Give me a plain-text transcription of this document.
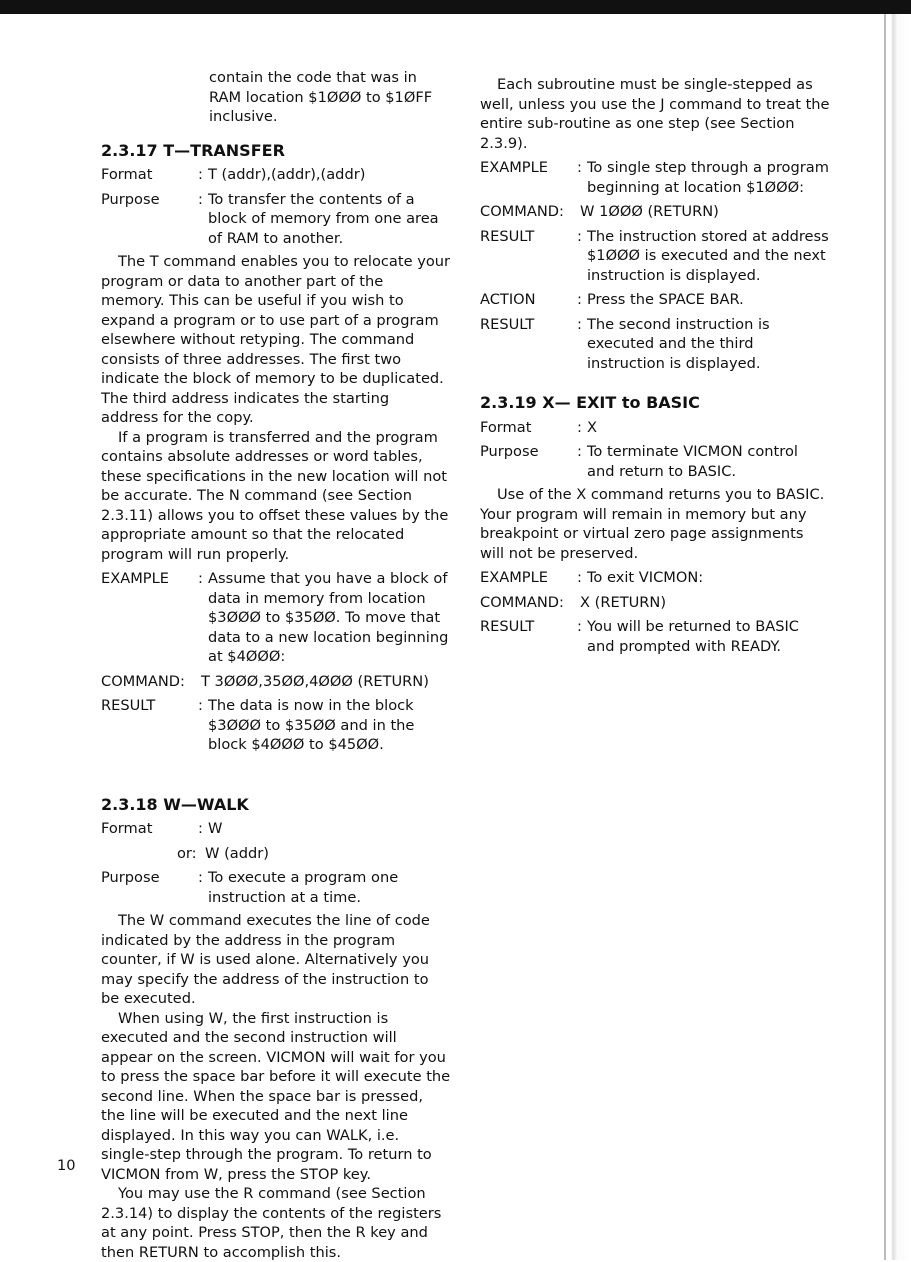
contain the code that was in RAM location $1ØØØ to $1ØFF inclusive.

2.3.17 T—TRANSFER

Format	: T (addr),(addr),(addr)
Purpose	: To transfer the contents of a block of memory from one area of RAM to another.

The T command enables you to relocate your program or data to another part of the memory. This can be useful if you wish to expand a program or to use part of a program elsewhere without retyping. The command consists of three addresses. The first two indicate the block of memory to be duplicated. The third address indicates the starting address for the copy.

If a program is transferred and the program contains absolute addresses or word tables, these specifications in the new location will not be accurate. The N command (see Section 2.3.11) allows you to offset these values by the appropriate amount so that the relocated program will run properly.

EXAMPLE	: Assume that you have a block of data in memory from location $3ØØØ to $35ØØ. To move that data to a new location beginning at $4ØØØ:
COMMAND:	T 3ØØØ,35ØØ,4ØØØ (RETURN)
RESULT	: The data is now in the block $3ØØØ to $35ØØ and in the block $4ØØØ to $45ØØ.

2.3.18 W—WALK

Format	: W
or: W (addr)
Purpose	: To execute a program one instruction at a time.

The W command executes the line of code indicated by the address in the program counter, if W is used alone. Alternatively you may specify the address of the instruction to be executed.

When using W, the first instruction is executed and the second instruction will appear on the screen. VICMON will wait for you to press the space bar before it will execute the second line. When the space bar is pressed, the line will be executed and the next line displayed. In this way you can WALK, i.e. single-step through the program. To return to VICMON from W, press the STOP key.

You may use the R command (see Section 2.3.14) to display the contents of the registers at any point. Press STOP, then the R key and then RETURN to accomplish this.

Each subroutine must be single-stepped as well, unless you use the J command to treat the entire sub-routine as one step (see Section 2.3.9).

EXAMPLE	: To single step through a program beginning at location $1ØØØ:
COMMAND:	W 1ØØØ (RETURN)
RESULT	: The instruction stored at address $1ØØØ is executed and the next instruction is displayed.
ACTION	: Press the SPACE BAR.
RESULT	: The second instruction is executed and the third instruction is displayed.

2.3.19 X— EXIT to BASIC

Format	: X
Purpose	: To terminate VICMON control and return to BASIC.

Use of the X command returns you to BASIC. Your program will remain in memory but any breakpoint or virtual zero page assignments will not be preserved.

EXAMPLE	: To exit VICMON:
COMMAND:	X (RETURN)
RESULT	: You will be returned to BASIC and prompted with READY.
10
